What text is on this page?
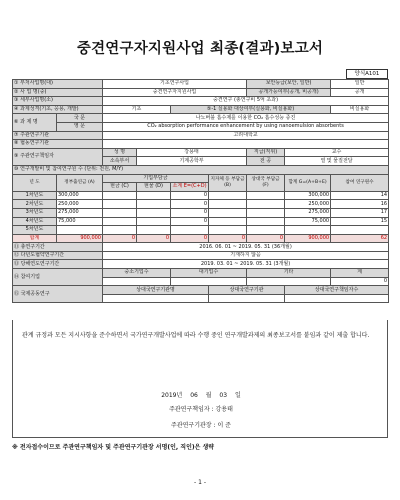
중견연구자지원사업 최종(결과)보고서
양식A101
① 부처사업명(대)		기초연구사업				보안등급(보안, 일반)		일반
② 사 업 명(중)		중견연구자지원사업				공개가능여부(공개, 비공개)		공개
③ 세부사업명(소)		중견연구 (총연구비 5억 초과)						
④ 과제성격(기초, 응용, 개발)		기초		⑤-1 실용화 대상여부(실용화, 비실용화)				비실용화
⑥ 과 제 명	국 문	나노버블 흡수제를 이용한 CO₂ 흡수성능 증진						
	영 문	CO₂ absorption performance enhancement by using nanoemulsion absorbents						
⑦ 주관연구기관		고려대학교						
⑧ 협동연구기관								
⑨ 주관연구책임자		성 명	강용태			직급(직위)	교수	
		소속부서	기계공학부			전 공	열 및 물질전달	
⑩ 연구개발비 및 참여연구원 수 (단위: 천원, M/Y)								
년 도	정부출연금 (A)	기업부담금			지자체 등 부담금 (B)	상대국 부담금 (F)	합계 G=(A+B+E)	참여 연구원수
		현금 (C)	현물 (D)	소계 E=(C+D)				
1차년도	300,000			0			300,000	14
2차년도	250,000			0			250,000	16
3차년도	275,000			0			275,000	17
4차년도	75,000			0			75,000	15
5차년도								
합계	900,000	0	0	0	0	0	900,000	62
⑪ 총연구기간		2016. 06. 01 ~ 2019. 05. 31 (36개월)						
⑫ 다년도협약연구기간		기재하지 않음						
⑬ 당해연도연구기간		2019. 03. 01 ~ 2019. 05. 31 (3개월)						
⑭ 참여기업		중소기업수		대기업수		기타		계
								0
⑮ 국제공동연구		상대국연구기관명			상대국연구기관		상대국연구책임자수	

관계 규정과 모든 지시사항을 준수하면서 국가연구개발사업에 따라 수행 중인 연구개발과제의 최종보고서를 붙임과 같이 제출 합니다.
2019년 06 월 03 일
주관연구책임자 : 강용태
주관연구기관장 : 이 준
※ 전자접수이므로 주관연구책임자 및 주관연구기관장 서명(인, 직인)은 생략
- 1 -
